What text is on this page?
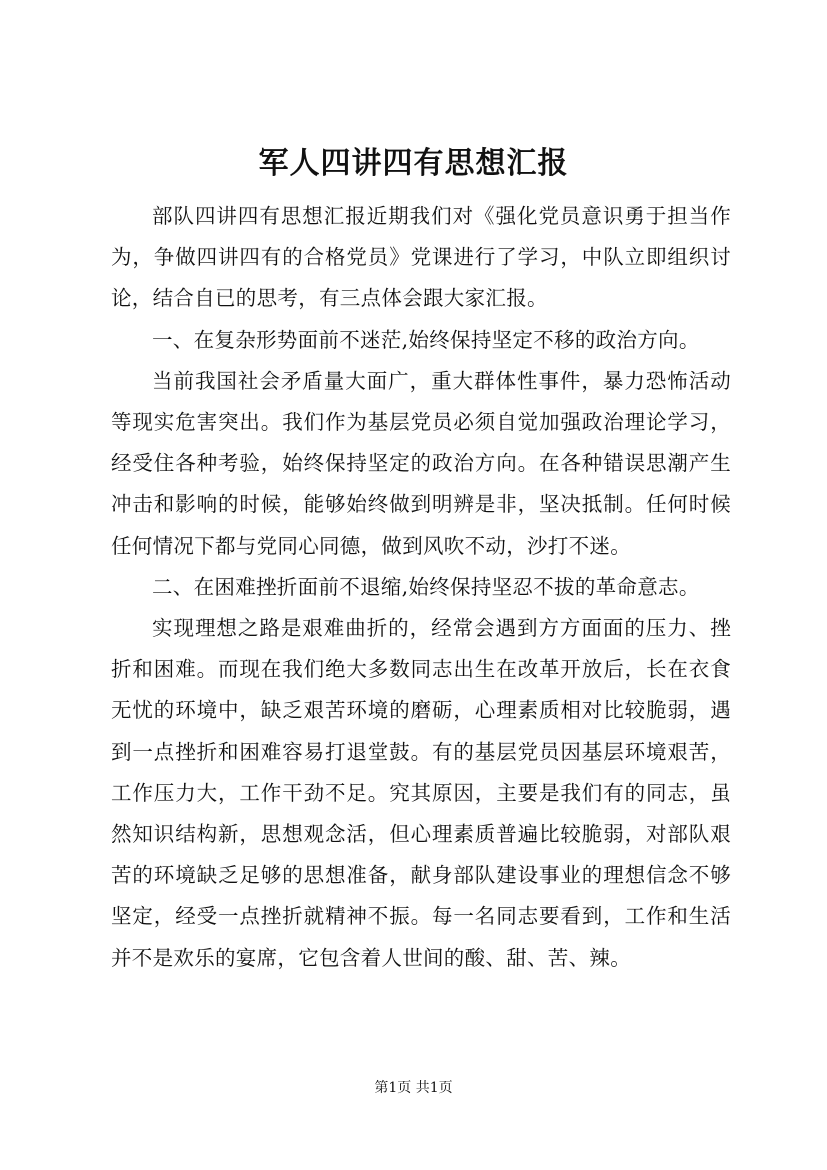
军人四讲四有思想汇报

部队四讲四有思想汇报近期我们对《强化党员意识勇于担当作为，争做四讲四有的合格党员》党课进行了学习，中队立即组织讨论，结合自已的思考，有三点体会跟大家汇报。

一、在复杂形势面前不迷茫,始终保持坚定不移的政治方向。

当前我国社会矛盾量大面广，重大群体性事件，暴力恐怖活动等现实危害突出。我们作为基层党员必须自觉加强政治理论学习，经受住各种考验，始终保持坚定的政治方向。在各种错误思潮产生冲击和影响的时候，能够始终做到明辨是非，坚决抵制。任何时候任何情况下都与党同心同德，做到风吹不动，沙打不迷。

二、在困难挫折面前不退缩,始终保持坚忍不拔的革命意志。

实现理想之路是艰难曲折的，经常会遇到方方面面的压力、挫折和困难。而现在我们绝大多数同志出生在改革开放后，长在衣食无忧的环境中，缺乏艰苦环境的磨砺，心理素质相对比较脆弱，遇到一点挫折和困难容易打退堂鼓。有的基层党员因基层环境艰苦，工作压力大，工作干劲不足。究其原因，主要是我们有的同志，虽然知识结构新，思想观念活，但心理素质普遍比较脆弱，对部队艰苦的环境缺乏足够的思想准备，献身部队建设事业的理想信念不够坚定，经受一点挫折就精神不振。每一名同志要看到，工作和生活并不是欢乐的宴席，它包含着人世间的酸、甜、苦、辣。

第1页 共1页
